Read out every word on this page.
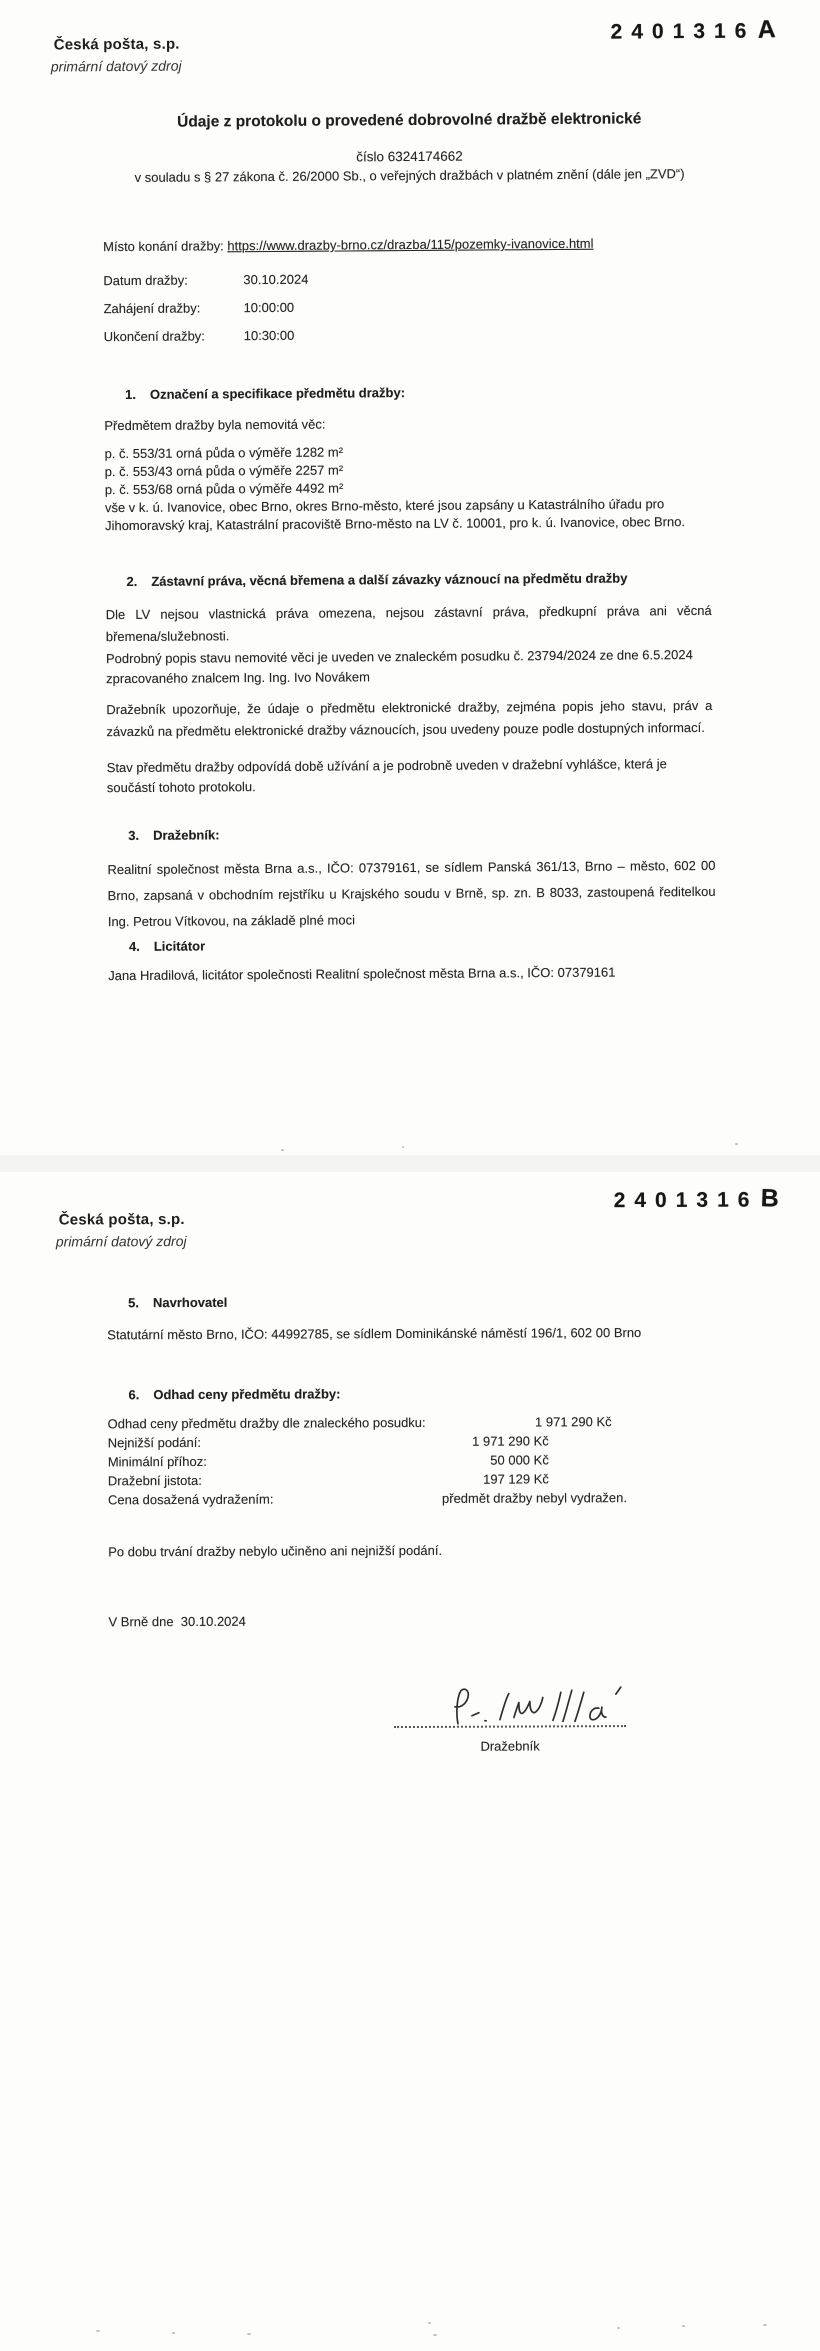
Česká pošta, s.p.
primární datový zdroj
2401316A
Údaje z protokolu o provedené dobrovolné dražbě elektronické
číslo 6324174662
v souladu s § 27 zákona č. 26/2000 Sb., o veřejných dražbách v platném znění (dále jen „ZVD“)
Místo konání dražby: https://www.drazby-brno.cz/drazba/115/pozemky-ivanovice.html
Datum dražby:	30.10.2024
Zahájení dražby:	10:00:00
Ukončení dražby:	10:30:00
1. Označení a specifikace předmětu dražby:
Předmětem dražby byla nemovitá věc:
p. č. 553/31 orná půda o výměře 1282 m²
p. č. 553/43 orná půda o výměře 2257 m²
p. č. 553/68 orná půda o výměře 4492 m²
vše v k. ú. Ivanovice, obec Brno, okres Brno-město, které jsou zapsány u Katastrálního úřadu pro Jihomoravský kraj, Katastrální pracoviště Brno-město na LV č. 10001, pro k. ú. Ivanovice, obec Brno.
2. Zástavní práva, věcná břemena a další závazky váznoucí na předmětu dražby
Dle LV nejsou vlastnická práva omezena, nejsou zástavní práva, předkupní práva ani věcná břemena/služebnosti.
Podrobný popis stavu nemovité věci je uveden ve znaleckém posudku č. 23794/2024 ze dne 6.5.2024 zpracovaného znalcem Ing. Ing. Ivo Novákem
Dražebník upozorňuje, že údaje o předmětu elektronické dražby, zejména popis jeho stavu, práv a závazků na předmětu elektronické dražby váznoucích, jsou uvedeny pouze podle dostupných informací.
Stav předmětu dražby odpovídá době užívání a je podrobně uveden v dražební vyhlášce, která je součástí tohoto protokolu.
3. Dražebník:
Realitní společnost města Brna a.s., IČO: 07379161, se sídlem Panská 361/13, Brno – město, 602 00 Brno, zapsaná v obchodním rejstříku u Krajského soudu v Brně, sp. zn. B 8033, zastoupená ředitelkou Ing. Petrou Vítkovou, na základě plné moci
4. Licitátor
Jana Hradilová, licitátor společnosti Realitní společnost města Brna a.s., IČO: 07379161
2401316B
Česká pošta, s.p.
primární datový zdroj
5. Navrhovatel
Statutární město Brno, IČO: 44992785, se sídlem Dominikánské náměstí 196/1, 602 00 Brno
6. Odhad ceny předmětu dražby:
Odhad ceny předmětu dražby dle znaleckého posudku:	1 971 290 Kč
Nejnižší podání:	1 971 290 Kč
Minimální příhoz:	50 000 Kč
Dražební jistota:	197 129 Kč
Cena dosažená vydražením:	předmět dražby nebyl vydražen.
Po dobu trvání dražby nebylo učiněno ani nejnižší podání.
V Brně dne  30.10.2024
Dražebník
